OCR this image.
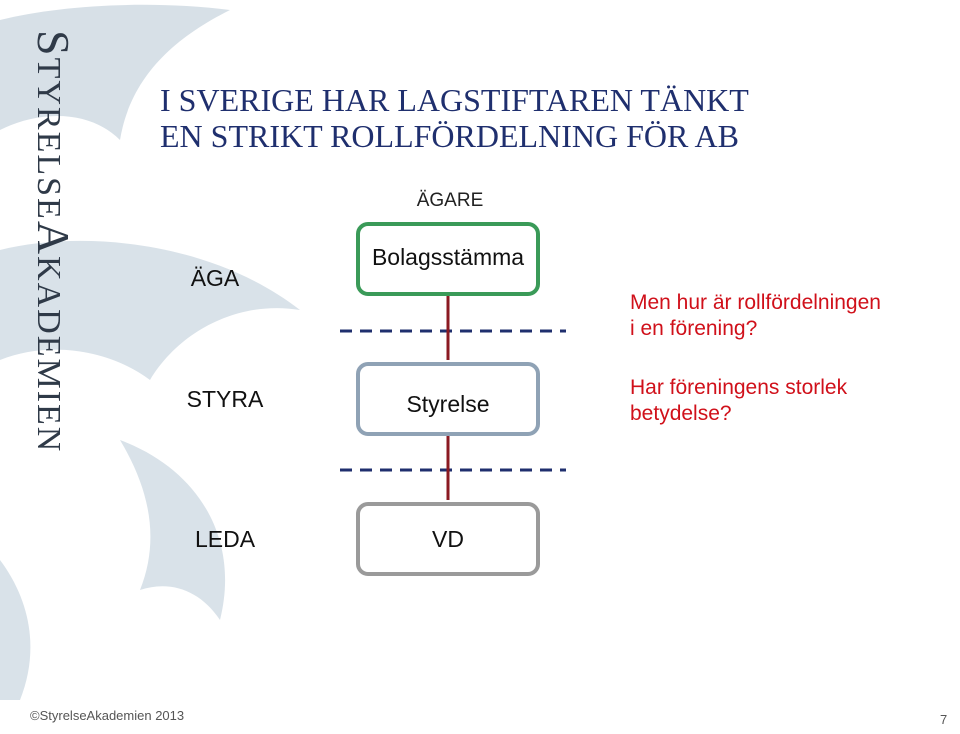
STYRELSEAKADEMIEN
I SVERIGE HAR LAGSTIFTAREN TÄNKT
EN STRIKT ROLLFÖRDELNING FÖR AB
ÄGARE
ÄGA
STYRA
LEDA
Bolagsstämma
Styrelse
VD
Men hur är rollfördelningen
i en förening?
Har föreningens storlek
betydelse?
©StyrelseAkademien 2013	7
